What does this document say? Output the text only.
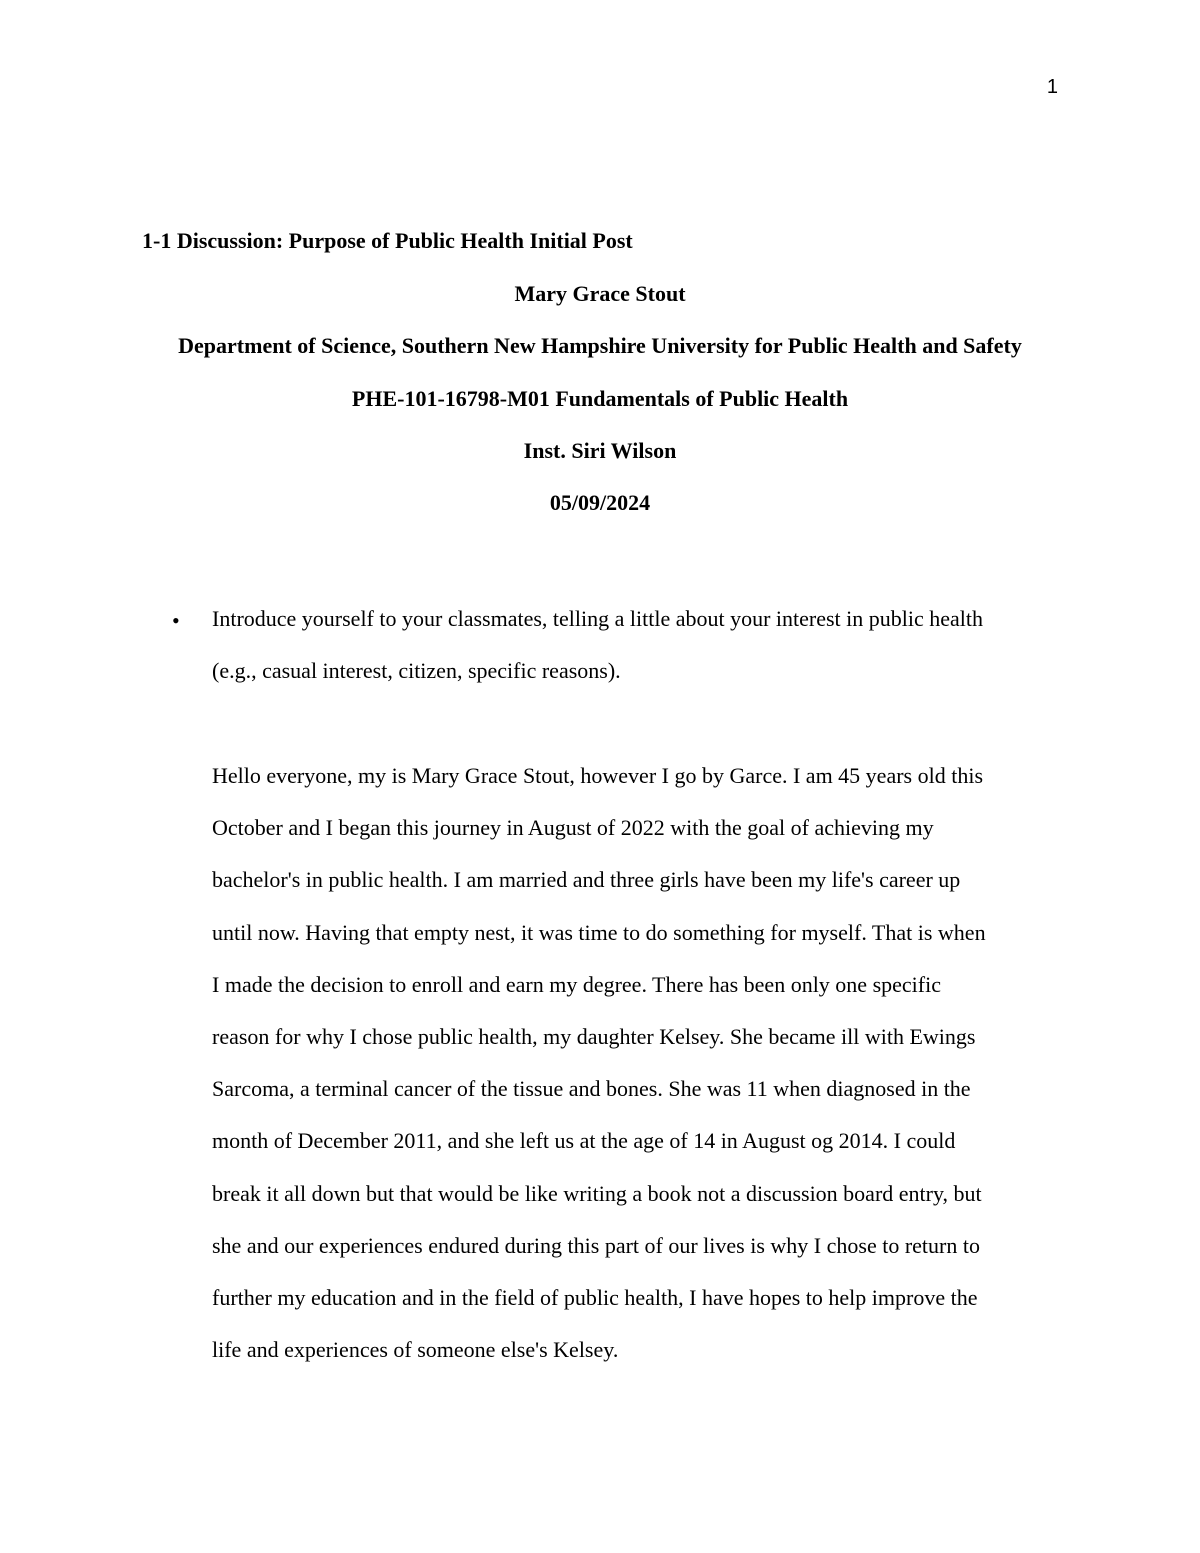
1
1-1 Discussion: Purpose of Public Health Initial Post
Mary Grace Stout
Department of Science, Southern New Hampshire University for Public Health and Safety
PHE-101-16798-M01 Fundamentals of Public Health
Inst. Siri Wilson
05/09/2024
• Introduce yourself to your classmates, telling a little about your interest in public health
(e.g., casual interest, citizen, specific reasons).
Hello everyone, my is Mary Grace Stout, however I go by Garce. I am 45 years old this
October and I began this journey in August of 2022 with the goal of achieving my
bachelor's in public health. I am married and three girls have been my life's career up
until now. Having that empty nest, it was time to do something for myself. That is when
I made the decision to enroll and earn my degree. There has been only one specific
reason for why I chose public health, my daughter Kelsey. She became ill with Ewings
Sarcoma, a terminal cancer of the tissue and bones. She was 11 when diagnosed in the
month of December 2011, and she left us at the age of 14 in August og 2014. I could
break it all down but that would be like writing a book not a discussion board entry, but
she and our experiences endured during this part of our lives is why I chose to return to
further my education and in the field of public health, I have hopes to help improve the
life and experiences of someone else's Kelsey.
